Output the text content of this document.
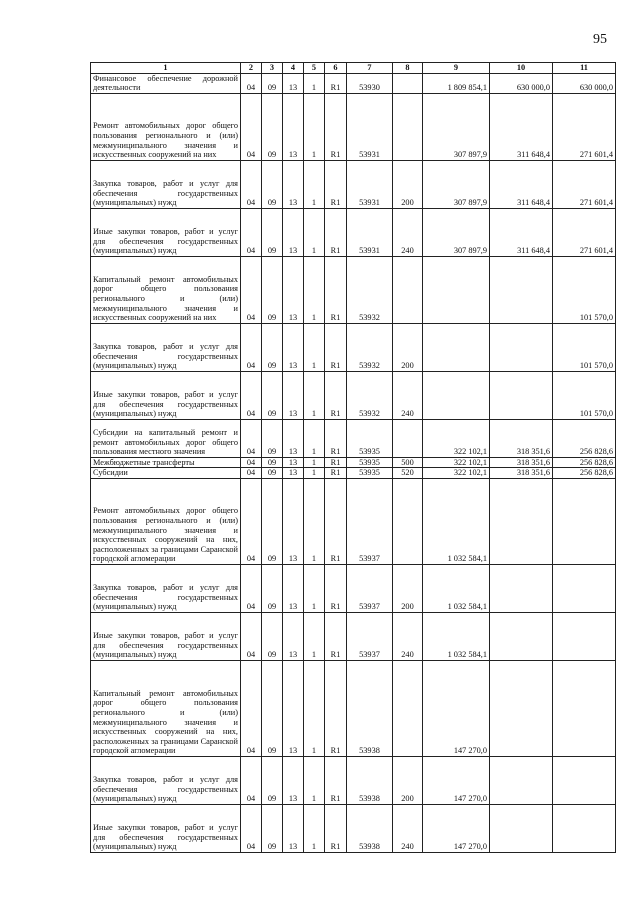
95
1	2	3	4	5	6	7	8	9	10	11
Финансовое обеспечение дорожной деятельности	04	09	13	1	R1	53930		1 809 854,1	630 000,0	630 000,0
Ремонт автомобильных дорог общего пользования регионального и (или) межмуниципального значения и искусственных сооружений на них	04	09	13	1	R1	53931		307 897,9	311 648,4	271 601,4
Закупка товаров, работ и услуг для обеспечения государственных (муниципальных) нужд	04	09	13	1	R1	53931	200	307 897,9	311 648,4	271 601,4
Иные закупки товаров, работ и услуг для обеспечения государственных (муниципальных) нужд	04	09	13	1	R1	53931	240	307 897,9	311 648,4	271 601,4
Капитальный ремонт автомобильных дорог общего пользования регионального и (или) межмуниципального значения и искусственных сооружений на них	04	09	13	1	R1	53932				101 570,0
Закупка товаров, работ и услуг для обеспечения государственных (муниципальных) нужд	04	09	13	1	R1	53932	200			101 570,0
Иные закупки товаров, работ и услуг для обеспечения государственных (муниципальных) нужд	04	09	13	1	R1	53932	240			101 570,0
Субсидии на капитальный ремонт и ремонт автомобильных дорог общего пользования местного значения	04	09	13	1	R1	53935		322 102,1	318 351,6	256 828,6
Межбюджетные трансферты	04	09	13	1	R1	53935	500	322 102,1	318 351,6	256 828,6
Субсидии	04	09	13	1	R1	53935	520	322 102,1	318 351,6	256 828,6
Ремонт автомобильных дорог общего пользования регионального и (или) межмуниципального значения и искусственных сооружений на них, расположенных за границами Саранской городской агломерации	04	09	13	1	R1	53937		1 032 584,1		
Закупка товаров, работ и услуг для обеспечения государственных (муниципальных) нужд	04	09	13	1	R1	53937	200	1 032 584,1		
Иные закупки товаров, работ и услуг для обеспечения государственных (муниципальных) нужд	04	09	13	1	R1	53937	240	1 032 584,1		
Капитальный ремонт автомобильных дорог общего пользования регионального и (или) межмуниципального значения и искусственных сооружений на них, расположенных за границами Саранской городской агломерации	04	09	13	1	R1	53938		147 270,0		
Закупка товаров, работ и услуг для обеспечения государственных (муниципальных) нужд	04	09	13	1	R1	53938	200	147 270,0		
Иные закупки товаров, работ и услуг для обеспечения государственных (муниципальных) нужд	04	09	13	1	R1	53938	240	147 270,0		
